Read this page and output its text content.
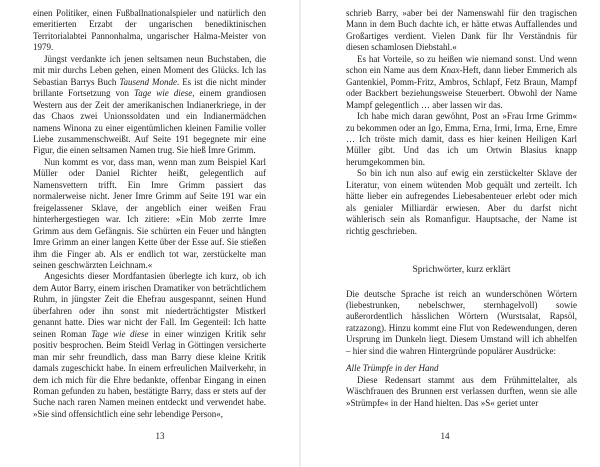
einen Politiker, einen Fußballnationalspieler und natürlich den emeritierten Erzabt der ungarischen benediktinischen Territorialabtei Pannonhalma, ungarischer Halma-Meister von 1979.

Jüngst verdankte ich jenen seltsamen neun Buchstaben, die mit mir durchs Leben gehen, einen Moment des Glücks. Ich las Sebastian Barrys Buch Tausend Monde. Es ist die nicht minder brillante Fortsetzung von Tage wie diese, einem grandiosen Western aus der Zeit der amerikanischen Indianerkriege, in der das Chaos zwei Unionssoldaten und ein Indianermädchen namens Winona zu einer eigentümlichen kleinen Familie voller Liebe zusammenschweißt. Auf Seite 191 begegnete mir eine Figur, die einen seltsamen Namen trug. Sie hieß Imre Grimm.

Nun kommt es vor, dass man, wenn man zum Beispiel Karl Müller oder Daniel Richter heißt, gelegentlich auf Namensvettern trifft. Ein Imre Grimm passiert das normalerweise nicht. Jener Imre Grimm auf Seite 191 war ein freigelassener Sklave, der angeblich einer weißen Frau hinterhergestiegen war. Ich zitiere: »Ein Mob zerrte Imre Grimm aus dem Gefängnis. Sie schürten ein Feuer und hängten Imre Grimm an einer langen Kette über der Esse auf. Sie stießen ihm die Finger ab. Als er endlich tot war, zerstückelte man seinen geschwärzten Leichnam.«

Angesichts dieser Mordfantasien überlegte ich kurz, ob ich dem Autor Barry, einem irischen Dramatiker von beträchtlichem Ruhm, in jüngster Zeit die Ehefrau ausgespannt, seinen Hund überfahren oder ihn sonst mit niederträchtigster Mistkerl genannt hatte. Dies war nicht der Fall. Im Gegenteil: Ich hatte seinen Roman Tage wie diese in einer winzigen Kritik sehr positiv besprochen. Beim Steidl Verlag in Göttingen versicherte man mir sehr freundlich, dass man Barry diese kleine Kritik damals zugeschickt habe. In einem erfreulichen Mailverkehr, in dem ich mich für die Ehre bedankte, offenbar Eingang in einen Roman gefunden zu haben, bestätigte Barry, dass er stets auf der Suche nach raren Namen meinen entdeckt und verwendet habe. »Sie sind offensichtlich eine sehr lebendige Person«,

13

schrieb Barry, »aber bei der Namenswahl für den tragischen Mann in dem Buch dachte ich, er hätte etwas Auffallendes und Großartiges verdient. Vielen Dank für Ihr Verständnis für diesen schamlosen Diebstahl.«

Es hat Vorteile, so zu heißen wie niemand sonst. Und wenn schon ein Name aus dem Knax-Heft, dann lieber Emmerich als Gantenkiel, Pomm-Fritz, Ambros, Schlapf, Fetz Braun, Mampf oder Backbert beziehungsweise Steuerbert. Obwohl der Name Mampf gelegentlich … aber lassen wir das.

Ich habe mich daran gewöhnt, Post an »Frau Irme Grimm« zu bekommen oder an Igo, Emma, Erna, Irmi, Irma, Erne, Emre … Ich tröste mich damit, dass es hier keinen Heiligen Karl Müller gibt. Und das ich um Ortwin Blasius knapp herumgekommen bin.

So bin ich nun also auf ewig ein zerstückelter Sklave der Literatur, von einem wütenden Mob gequält und zerteilt. Ich hätte lieber ein aufregendes Liebesabenteuer erlebt oder mich als genialer Milliardär erwiesen. Aber du darfst nicht wählerisch sein als Romanfigur. Hauptsache, der Name ist richtig geschrieben.

Sprichwörter, kurz erklärt

Die deutsche Sprache ist reich an wunderschönen Wörtern (liebestrunken, nebelschwer, sternhagelvoll) sowie außerordentlich hässlichen Wörtern (Wurstsalat, Rapsöl, ratzazong). Hinzu kommt eine Flut von Redewendungen, deren Ursprung im Dunkeln liegt. Diesem Umstand will ich abhelfen – hier sind die wahren Hintergründe populärer Ausdrücke:

Alle Trümpfe in der Hand

Diese Redensart stammt aus dem Frühmittelalter, als Wäschfrauen des Brunnen erst verlassen durften, wenn sie alle »Strümpfe« in der Hand hielten. Das »S« geriet unter

14
